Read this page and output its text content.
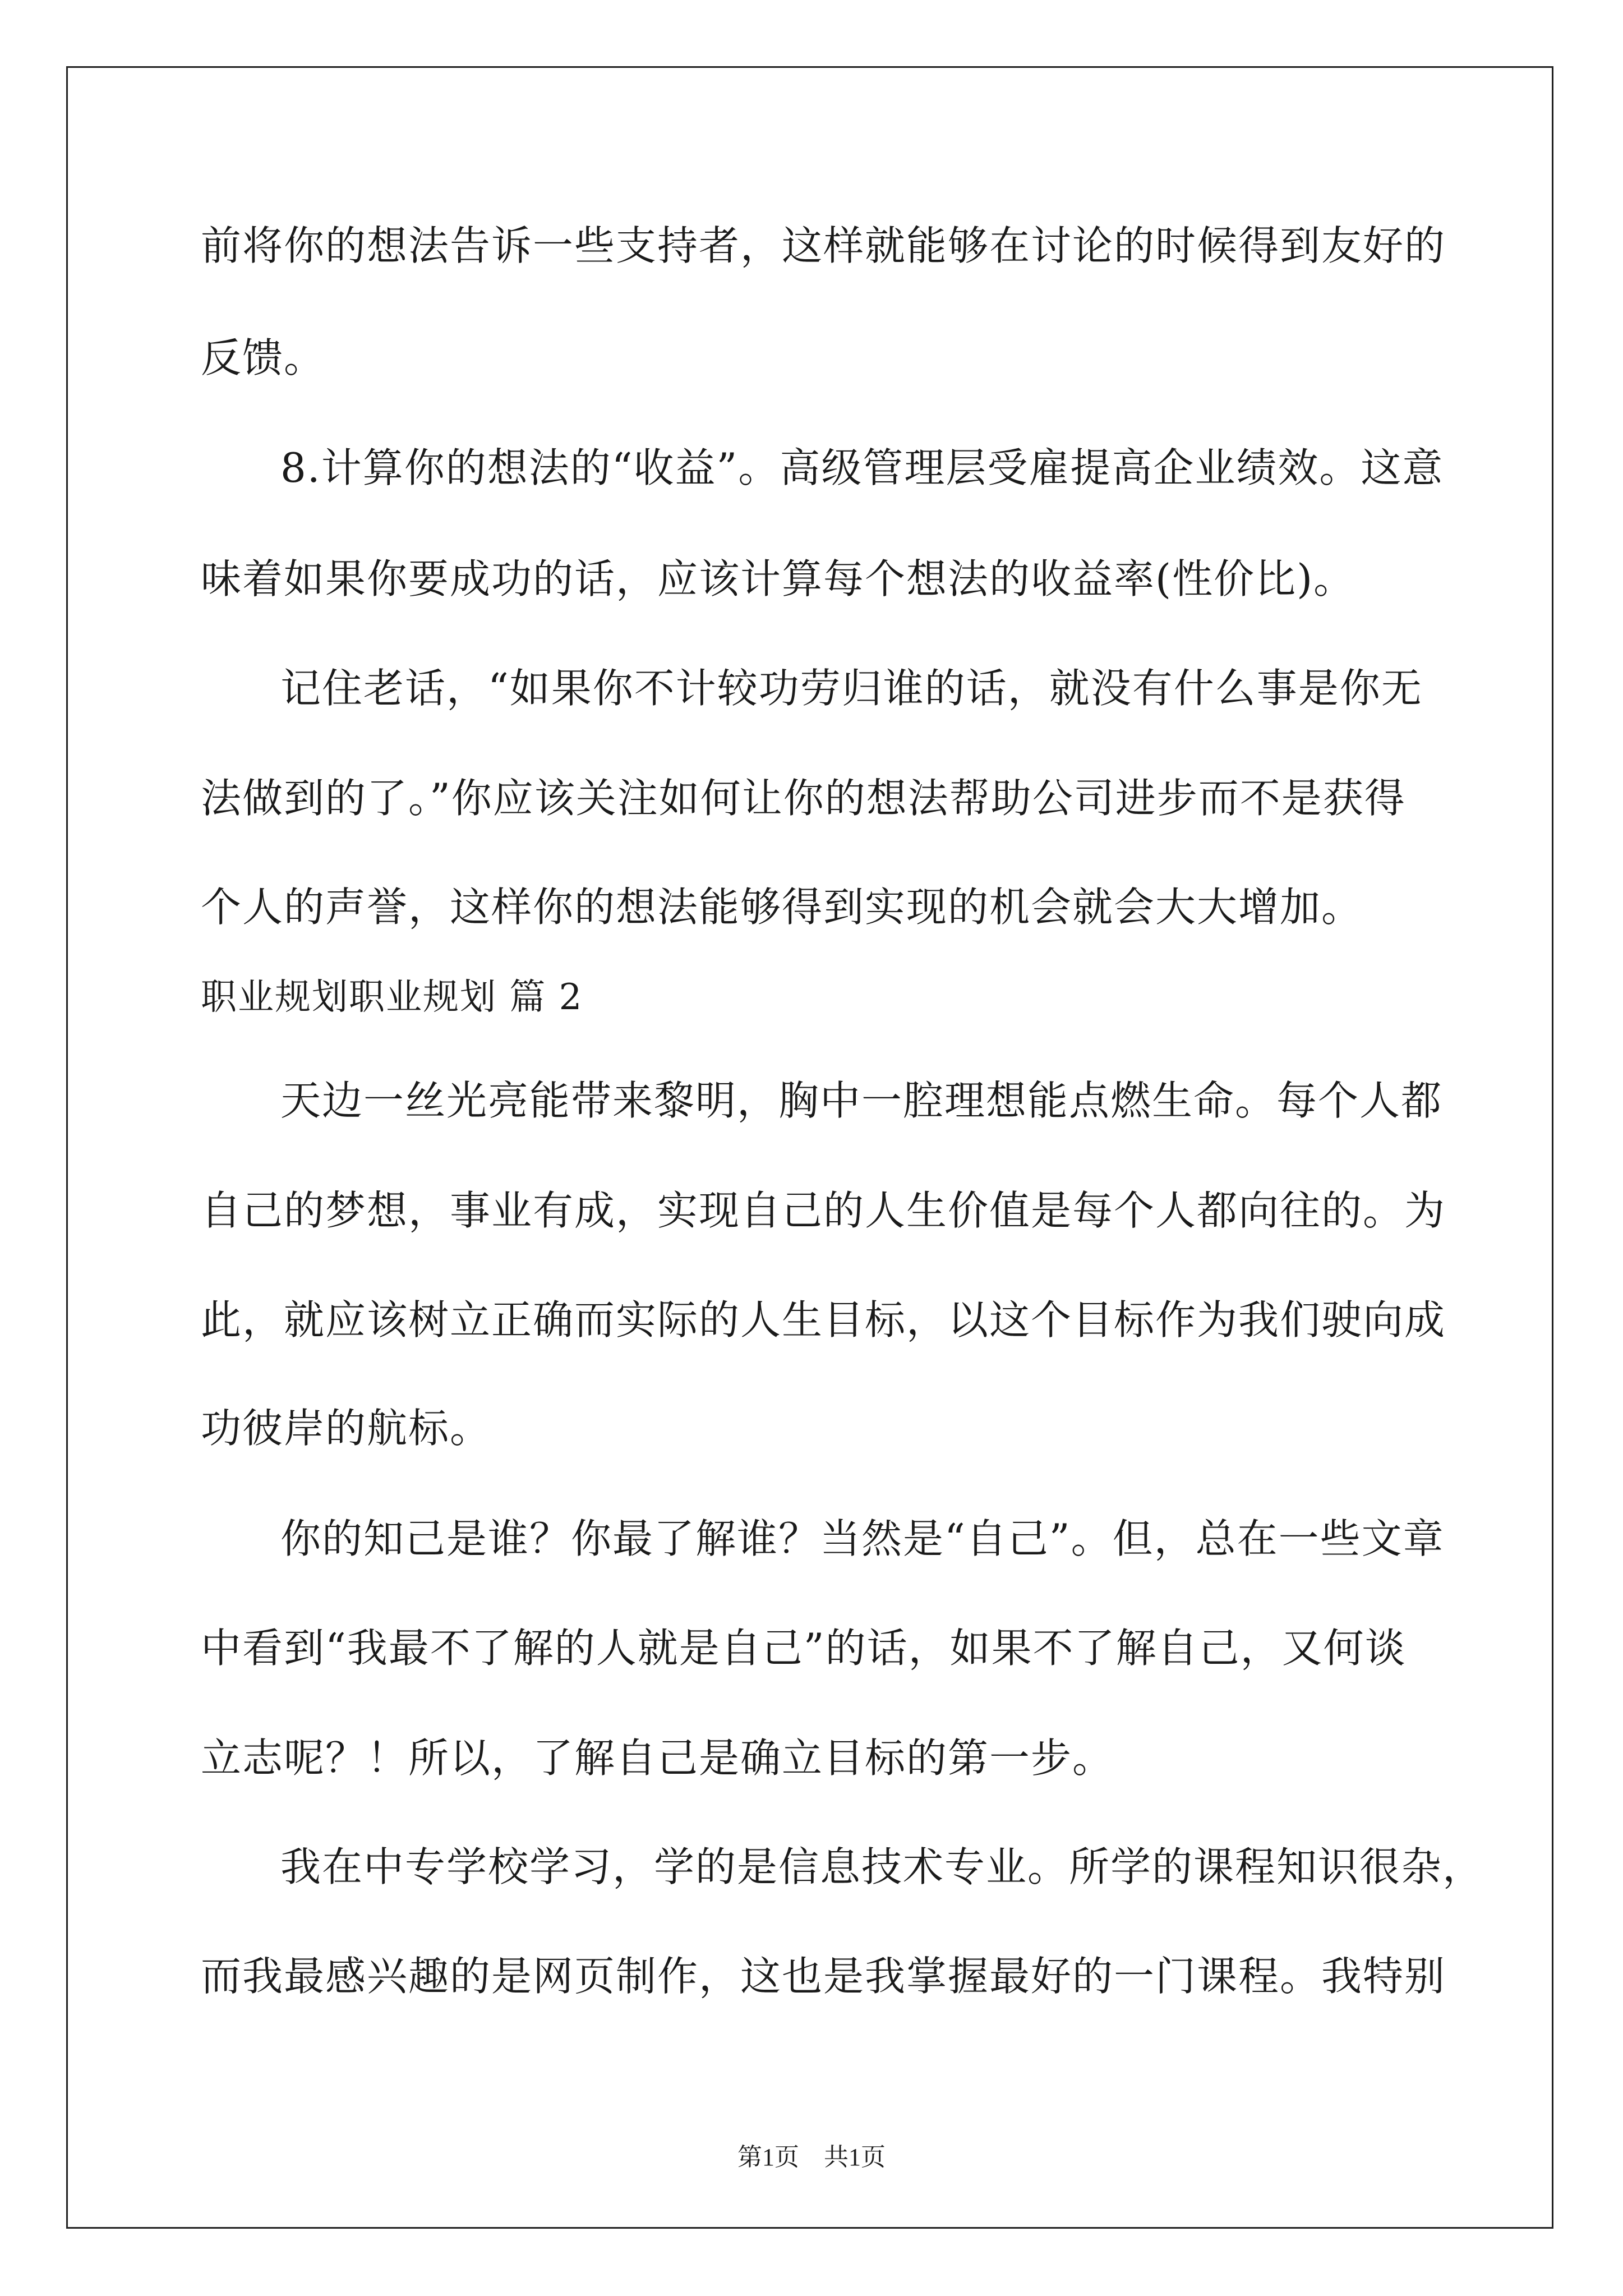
前将你的想法告诉一些支持者，这样就能够在讨论的时候得到友好的
反馈。
8.计算你的想法的“收益”。高级管理层受雇提高企业绩效。这意
味着如果你要成功的话，应该计算每个想法的收益率(性价比)。
记住老话，“如果你不计较功劳归谁的话，就没有什么事是你无
法做到的了。”你应该关注如何让你的想法帮助公司进步而不是获得
个人的声誉，这样你的想法能够得到实现的机会就会大大增加。
职业规划职业规划 篇 2
天边一丝光亮能带来黎明，胸中一腔理想能点燃生命。每个人都
自己的梦想，事业有成，实现自己的人生价值是每个人都向往的。为
此，就应该树立正确而实际的人生目标，以这个目标作为我们驶向成
功彼岸的航标。
你的知己是谁？你最了解谁？当然是“自己”。但，总在一些文章
中看到“我最不了解的人就是自己”的话，如果不了解自己，又何谈
立志呢？！所以，了解自己是确立目标的第一步。
我在中专学校学习，学的是信息技术专业。所学的课程知识很杂，
而我最感兴趣的是网页制作，这也是我掌握最好的一门课程。我特别
第1页　共1页
